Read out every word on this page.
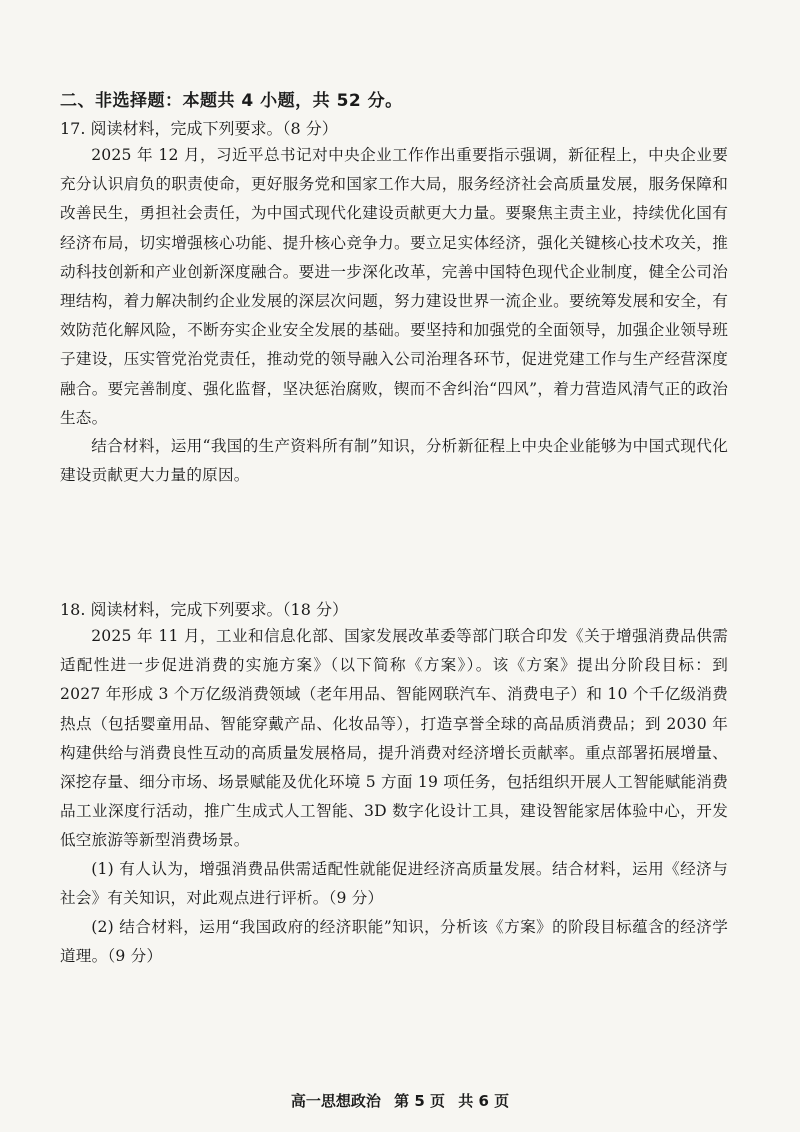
二、非选择题：本题共 4 小题，共 52 分。
17. 阅读材料，完成下列要求。（8 分）
2025 年 12 月，习近平总书记对中央企业工作作出重要指示强调，新征程上，中央企业要充分认识肩负的职责使命，更好服务党和国家工作大局，服务经济社会高质量发展，服务保障和改善民生，勇担社会责任，为中国式现代化建设贡献更大力量。要聚焦主责主业，持续优化国有经济布局，切实增强核心功能、提升核心竞争力。要立足实体经济，强化关键核心技术攻关，推动科技创新和产业创新深度融合。要进一步深化改革，完善中国特色现代企业制度，健全公司治理结构，着力解决制约企业发展的深层次问题，努力建设世界一流企业。要统筹发展和安全，有效防范化解风险，不断夯实企业安全发展的基础。要坚持和加强党的全面领导，加强企业领导班子建设，压实管党治党责任，推动党的领导融入公司治理各环节，促进党建工作与生产经营深度融合。要完善制度、强化监督，坚决惩治腐败，锲而不舍纠治“四风”，着力营造风清气正的政治生态。
结合材料，运用“我国的生产资料所有制”知识，分析新征程上中央企业能够为中国式现代化建设贡献更大力量的原因。
18. 阅读材料，完成下列要求。（18 分）
2025 年 11 月，工业和信息化部、国家发展改革委等部门联合印发《关于增强消费品供需适配性进一步促进消费的实施方案》（以下简称《方案》）。该《方案》提出分阶段目标：到 2027 年形成 3 个万亿级消费领域（老年用品、智能网联汽车、消费电子）和 10 个千亿级消费热点（包括婴童用品、智能穿戴产品、化妆品等），打造享誉全球的高品质消费品；到 2030 年构建供给与消费良性互动的高质量发展格局，提升消费对经济增长贡献率。重点部署拓展增量、深挖存量、细分市场、场景赋能及优化环境 5 方面 19 项任务，包括组织开展人工智能赋能消费品工业深度行活动，推广生成式人工智能、3D 数字化设计工具，建设智能家居体验中心，开发低空旅游等新型消费场景。
(1) 有人认为，增强消费品供需适配性就能促进经济高质量发展。结合材料，运用《经济与社会》有关知识，对此观点进行评析。（9 分）
(2) 结合材料，运用“我国政府的经济职能”知识，分析该《方案》的阶段目标蕴含的经济学道理。（9 分）
高一思想政治 第 5 页 共 6 页
